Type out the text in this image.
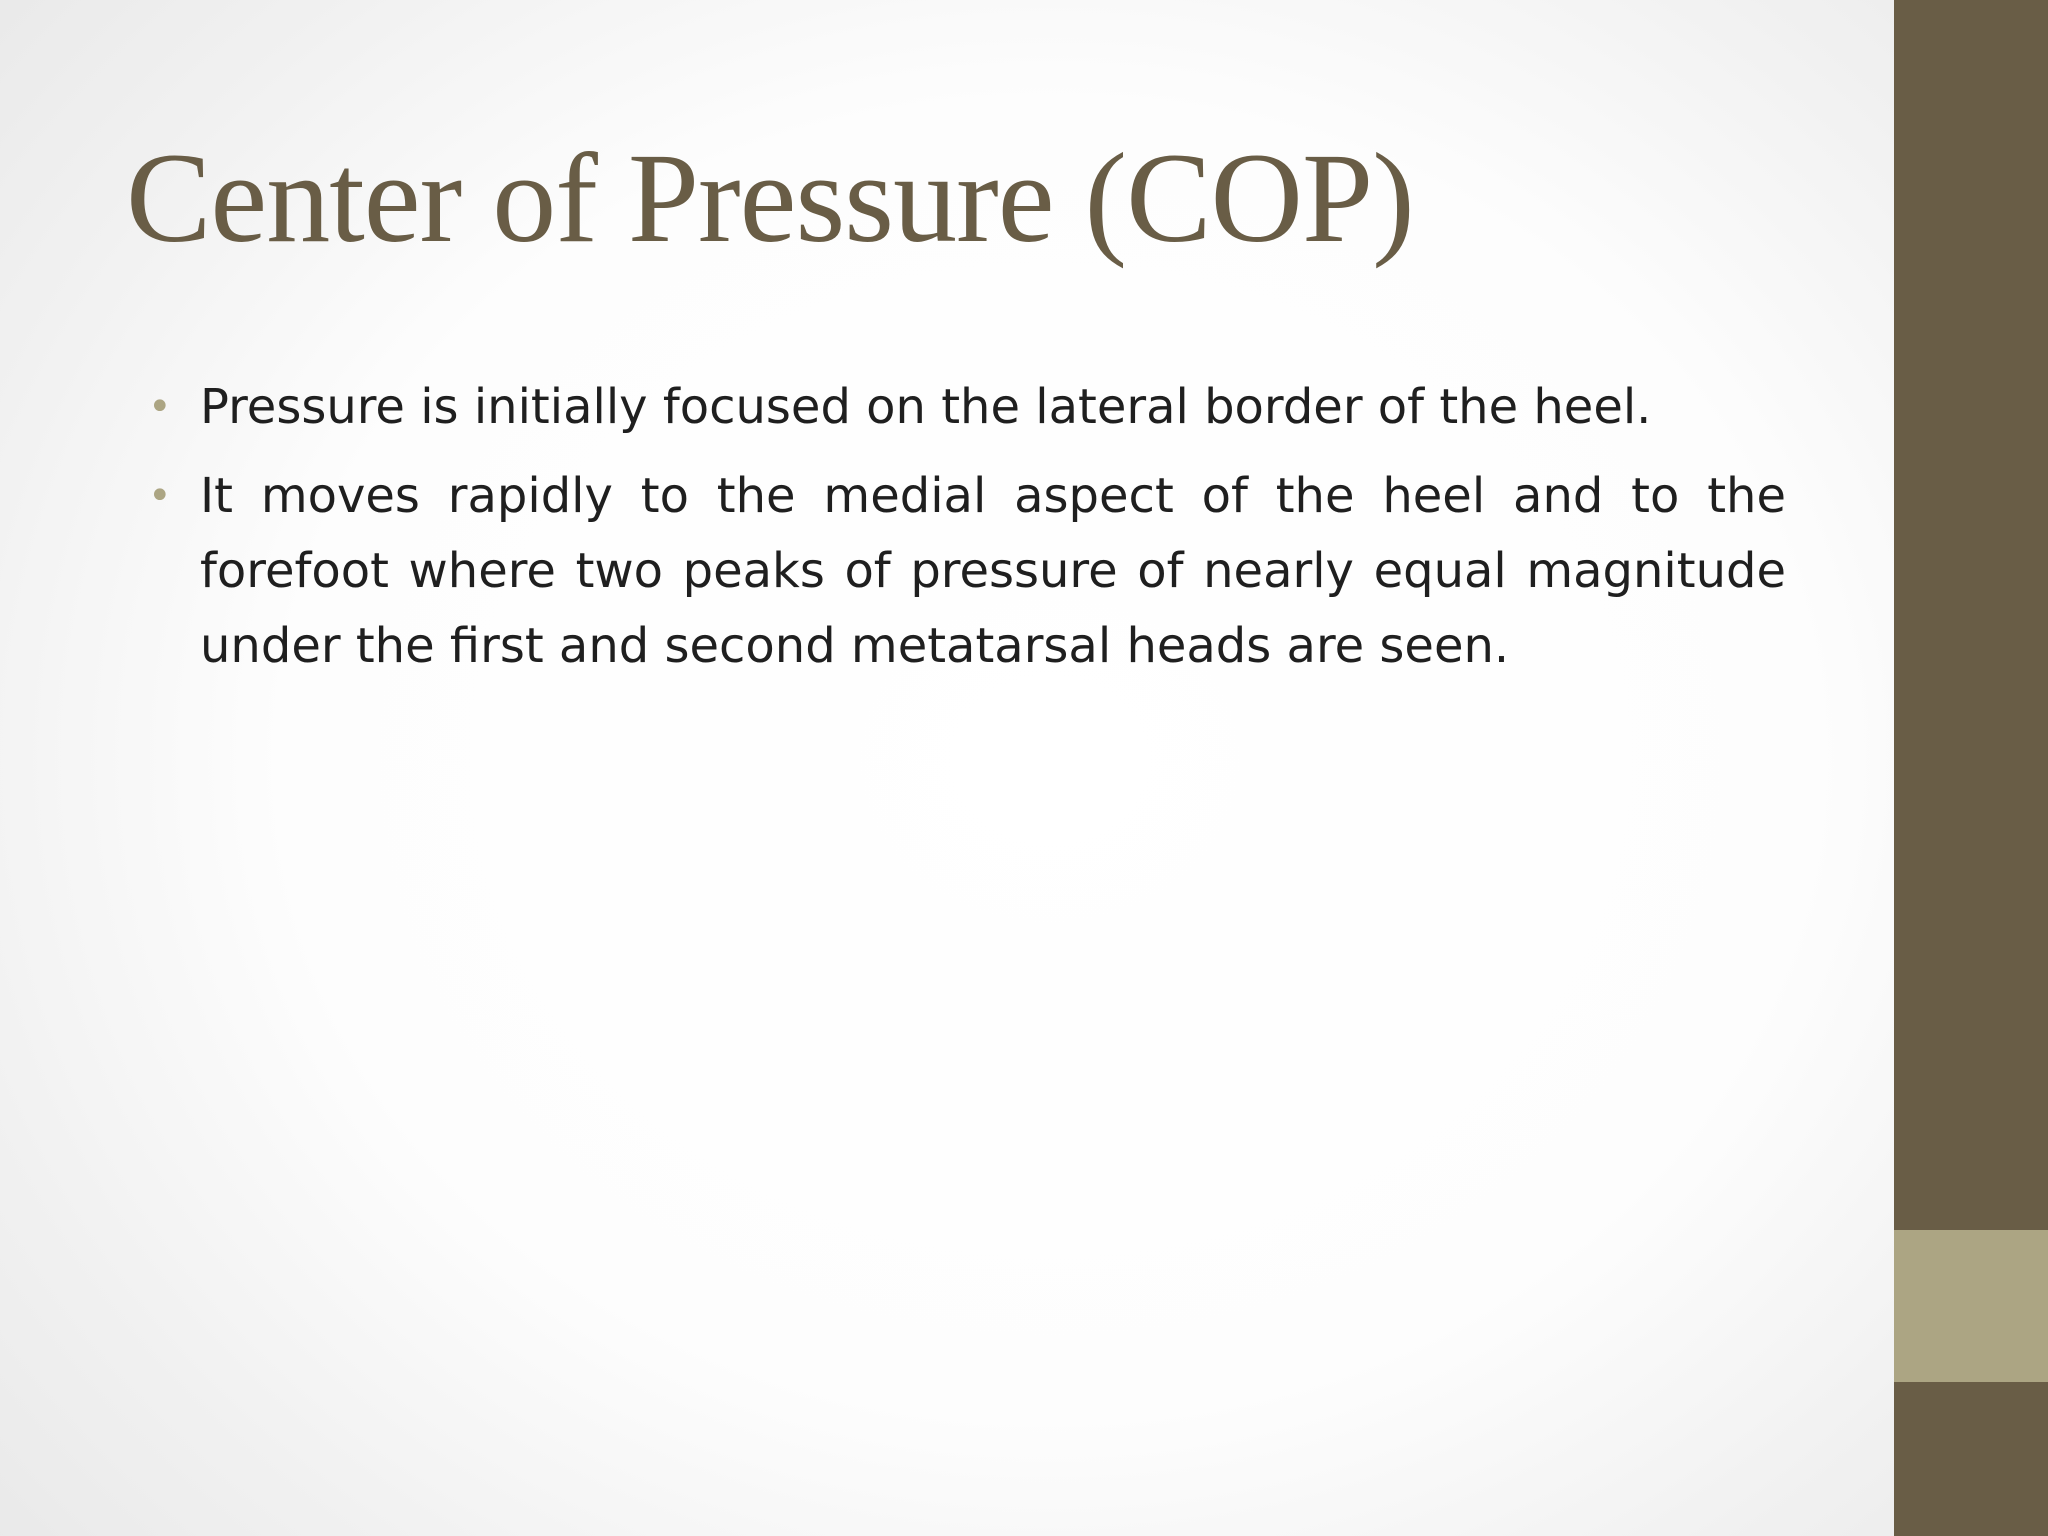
Center of Pressure (COP)
• Pressure is initially focused on the lateral border of the heel.
• It moves rapidly to the medial aspect of the heel and to the forefoot where two peaks of pressure of nearly equal magnitude under the first and second metatarsal heads are seen.
